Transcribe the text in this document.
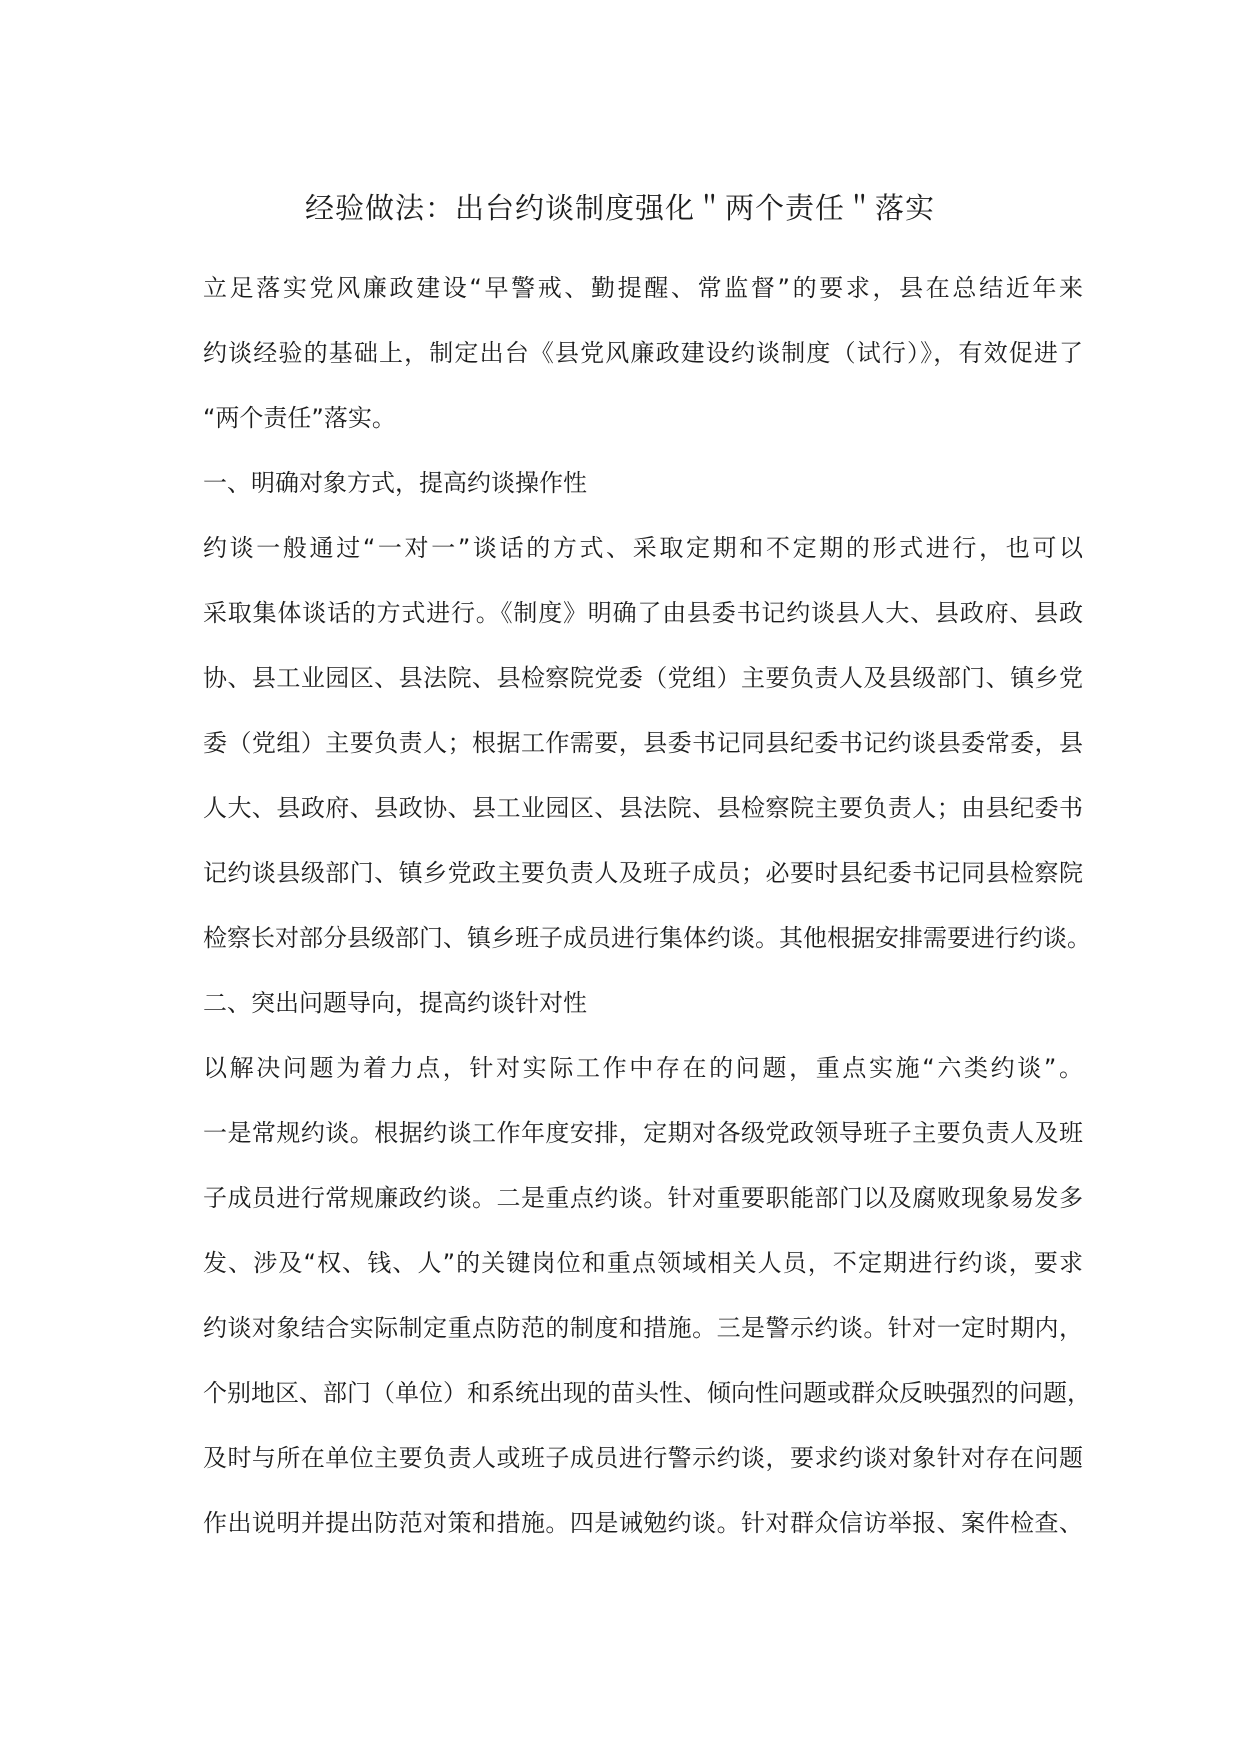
经验做法：出台约谈制度强化＂两个责任＂落实

立足落实党风廉政建设“早警戒、勤提醒、常监督”的要求，县在总结近年来
约谈经验的基础上，制定出台《县党风廉政建设约谈制度（试行）》，有效促进了
“两个责任”落实。

一、明确对象方式，提高约谈操作性

约谈一般通过“一对一”谈话的方式、采取定期和不定期的形式进行，也可以
采取集体谈话的方式进行。《制度》明确了由县委书记约谈县人大、县政府、县政
协、县工业园区、县法院、县检察院党委（党组）主要负责人及县级部门、镇乡党
委（党组）主要负责人；根据工作需要，县委书记同县纪委书记约谈县委常委，县
人大、县政府、县政协、县工业园区、县法院、县检察院主要负责人；由县纪委书
记约谈县级部门、镇乡党政主要负责人及班子成员；必要时县纪委书记同县检察院
检察长对部分县级部门、镇乡班子成员进行集体约谈。其他根据安排需要进行约谈。

二、突出问题导向，提高约谈针对性

以解决问题为着力点，针对实际工作中存在的问题，重点实施“六类约谈”。
一是常规约谈。根据约谈工作年度安排，定期对各级党政领导班子主要负责人及班
子成员进行常规廉政约谈。二是重点约谈。针对重要职能部门以及腐败现象易发多
发、涉及“权、钱、人”的关键岗位和重点领域相关人员，不定期进行约谈，要求
约谈对象结合实际制定重点防范的制度和措施。三是警示约谈。针对一定时期内，
个别地区、部门（单位）和系统出现的苗头性、倾向性问题或群众反映强烈的问题，
及时与所在单位主要负责人或班子成员进行警示约谈，要求约谈对象针对存在问题
作出说明并提出防范对策和措施。四是诫勉约谈。针对群众信访举报、案件检查、
